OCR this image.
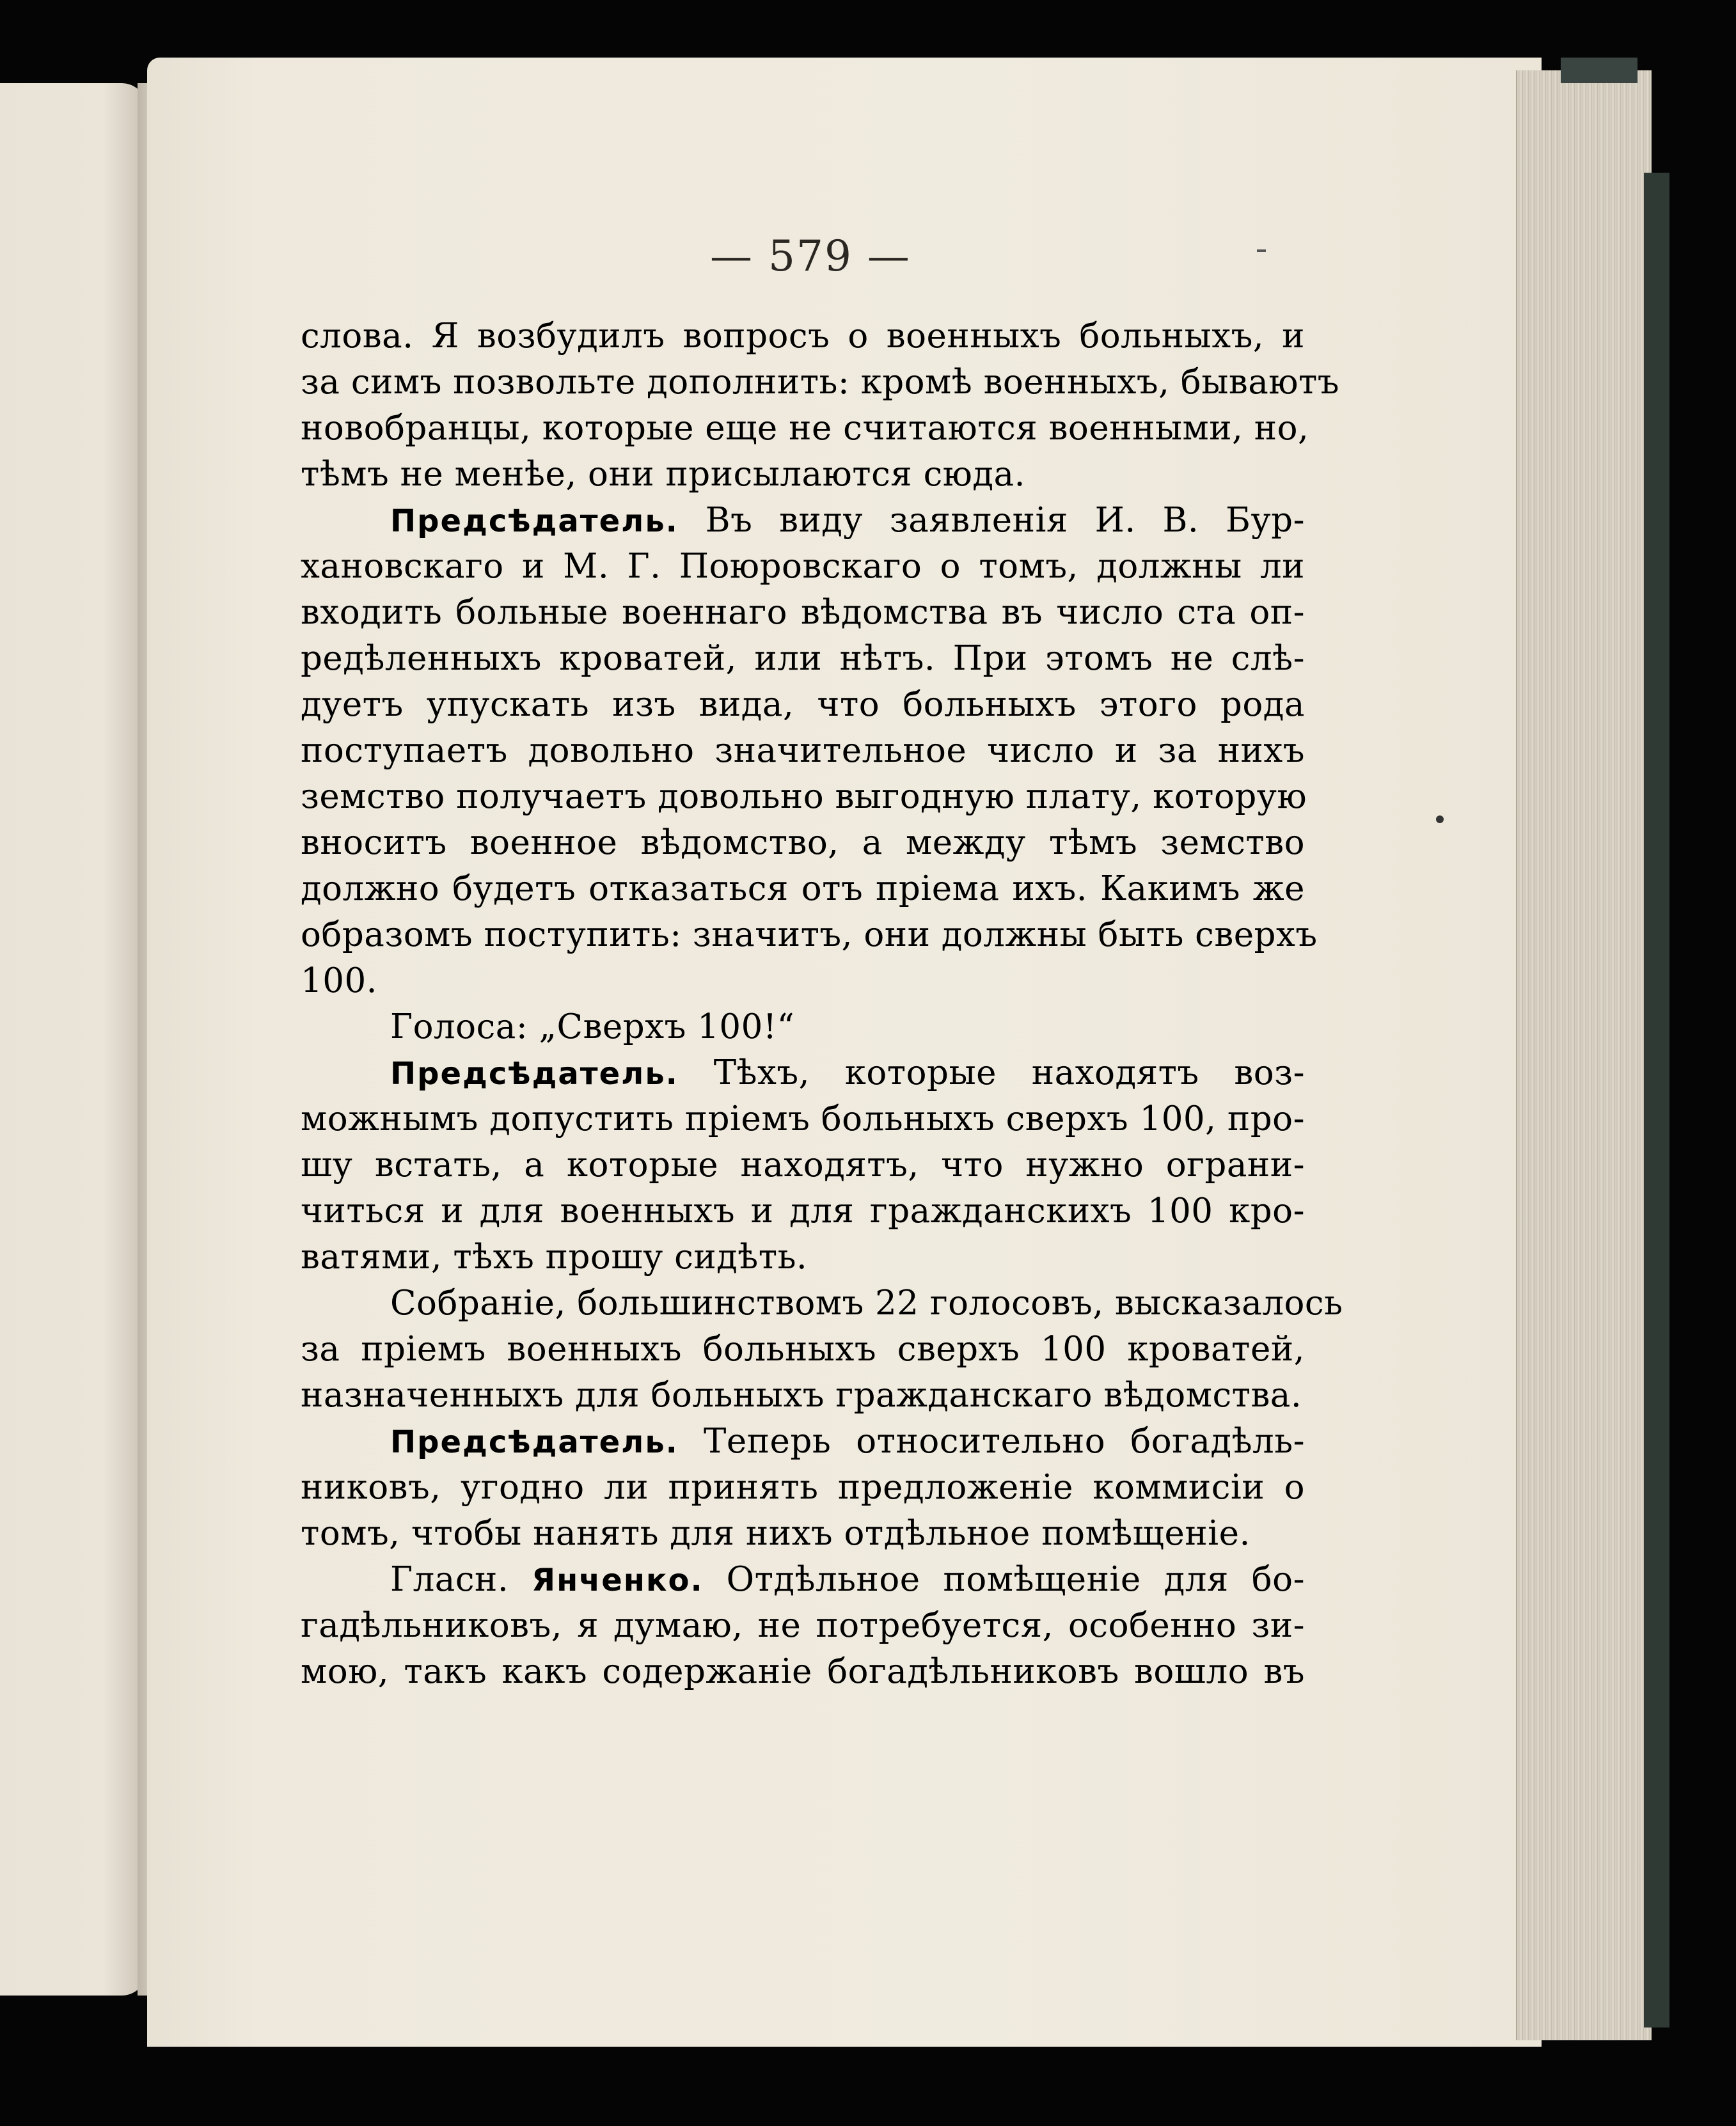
— 579 —
слова. Я возбудилъ вопросъ о военныхъ больныхъ, и
за симъ позвольте дополнить: кромѣ военныхъ, бываютъ
новобранцы, которые еще не считаются военными, но,
тѣмъ не менѣе, они присылаются сюда.
Предсѣдатель. Въ виду заявленія И. В. Бур-
хановскаго и М. Г. Поюровскаго о томъ, должны ли
входить больные военнаго вѣдомства въ число ста оп-
редѣленныхъ кроватей, или нѣтъ. При этомъ не слѣ-
дуетъ упускать изъ вида, что больныхъ этого рода
поступаетъ довольно значительное число и за нихъ
земство получаетъ довольно выгодную плату, которую
вноситъ военное вѣдомство, а между тѣмъ земство
должно будетъ отказаться отъ пріема ихъ. Какимъ же
образомъ поступить: значитъ, они должны быть сверхъ
100.
Голоса: „Сверхъ 100!“
Предсѣдатель. Тѣхъ, которые находятъ воз-
можнымъ допустить пріемъ больныхъ сверхъ 100, про-
шу встать, а которые находятъ, что нужно ограни-
читься и для военныхъ и для гражданскихъ 100 кро-
ватями, тѣхъ прошу сидѣть.
Собраніе, большинствомъ 22 голосовъ, высказалось
за пріемъ военныхъ больныхъ сверхъ 100 кроватей,
назначенныхъ для больныхъ гражданскаго вѣдомства.
Предсѣдатель. Теперь относительно богадѣль-
никовъ, угодно ли принять предложеніе коммисіи о
томъ, чтобы нанять для нихъ отдѣльное помѣщеніе.
Гласн. Янченко. Отдѣльное помѣщеніе для бо-
гадѣльниковъ, я думаю, не потребуется, особенно зи-
мою, такъ какъ содержаніе богадѣльниковъ вошло въ
